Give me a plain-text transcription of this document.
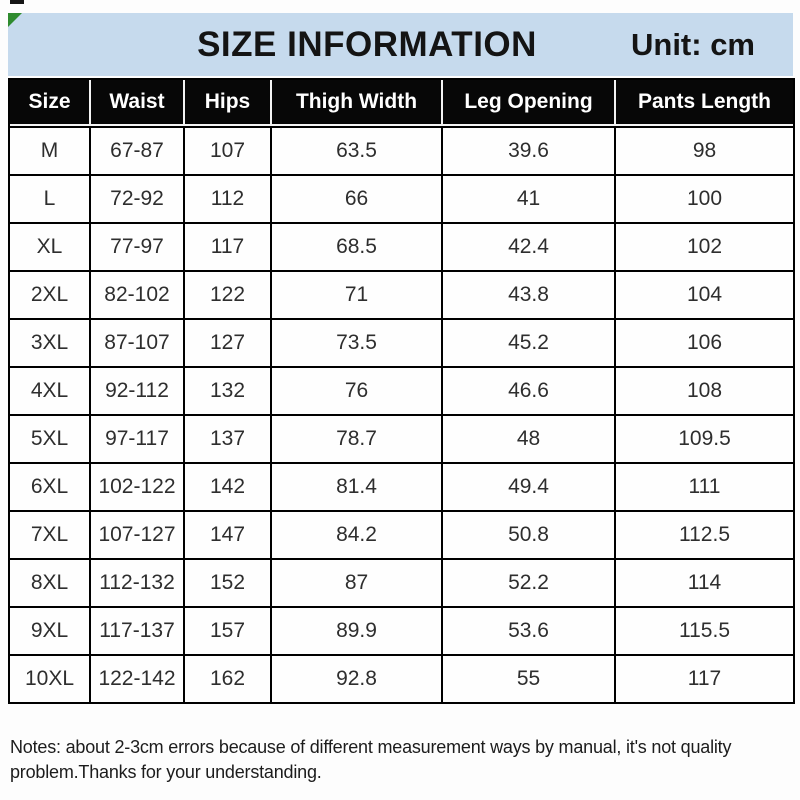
SIZE INFORMATION	Unit: cm
Size	Waist	Hips	Thigh Width	Leg Opening	Pants Length
M	67-87	107	63.5	39.6	98
L	72-92	112	66	41	100
XL	77-97	117	68.5	42.4	102
2XL	82-102	122	71	43.8	104
3XL	87-107	127	73.5	45.2	106
4XL	92-112	132	76	46.6	108
5XL	97-117	137	78.7	48	109.5
6XL	102-122	142	81.4	49.4	111
7XL	107-127	147	84.2	50.8	112.5
8XL	112-132	152	87	52.2	114
9XL	117-137	157	89.9	53.6	115.5
10XL	122-142	162	92.8	55	117

Notes: about 2-3cm errors because of different measurement ways by manual, it's not quality problem.Thanks for your understanding.
